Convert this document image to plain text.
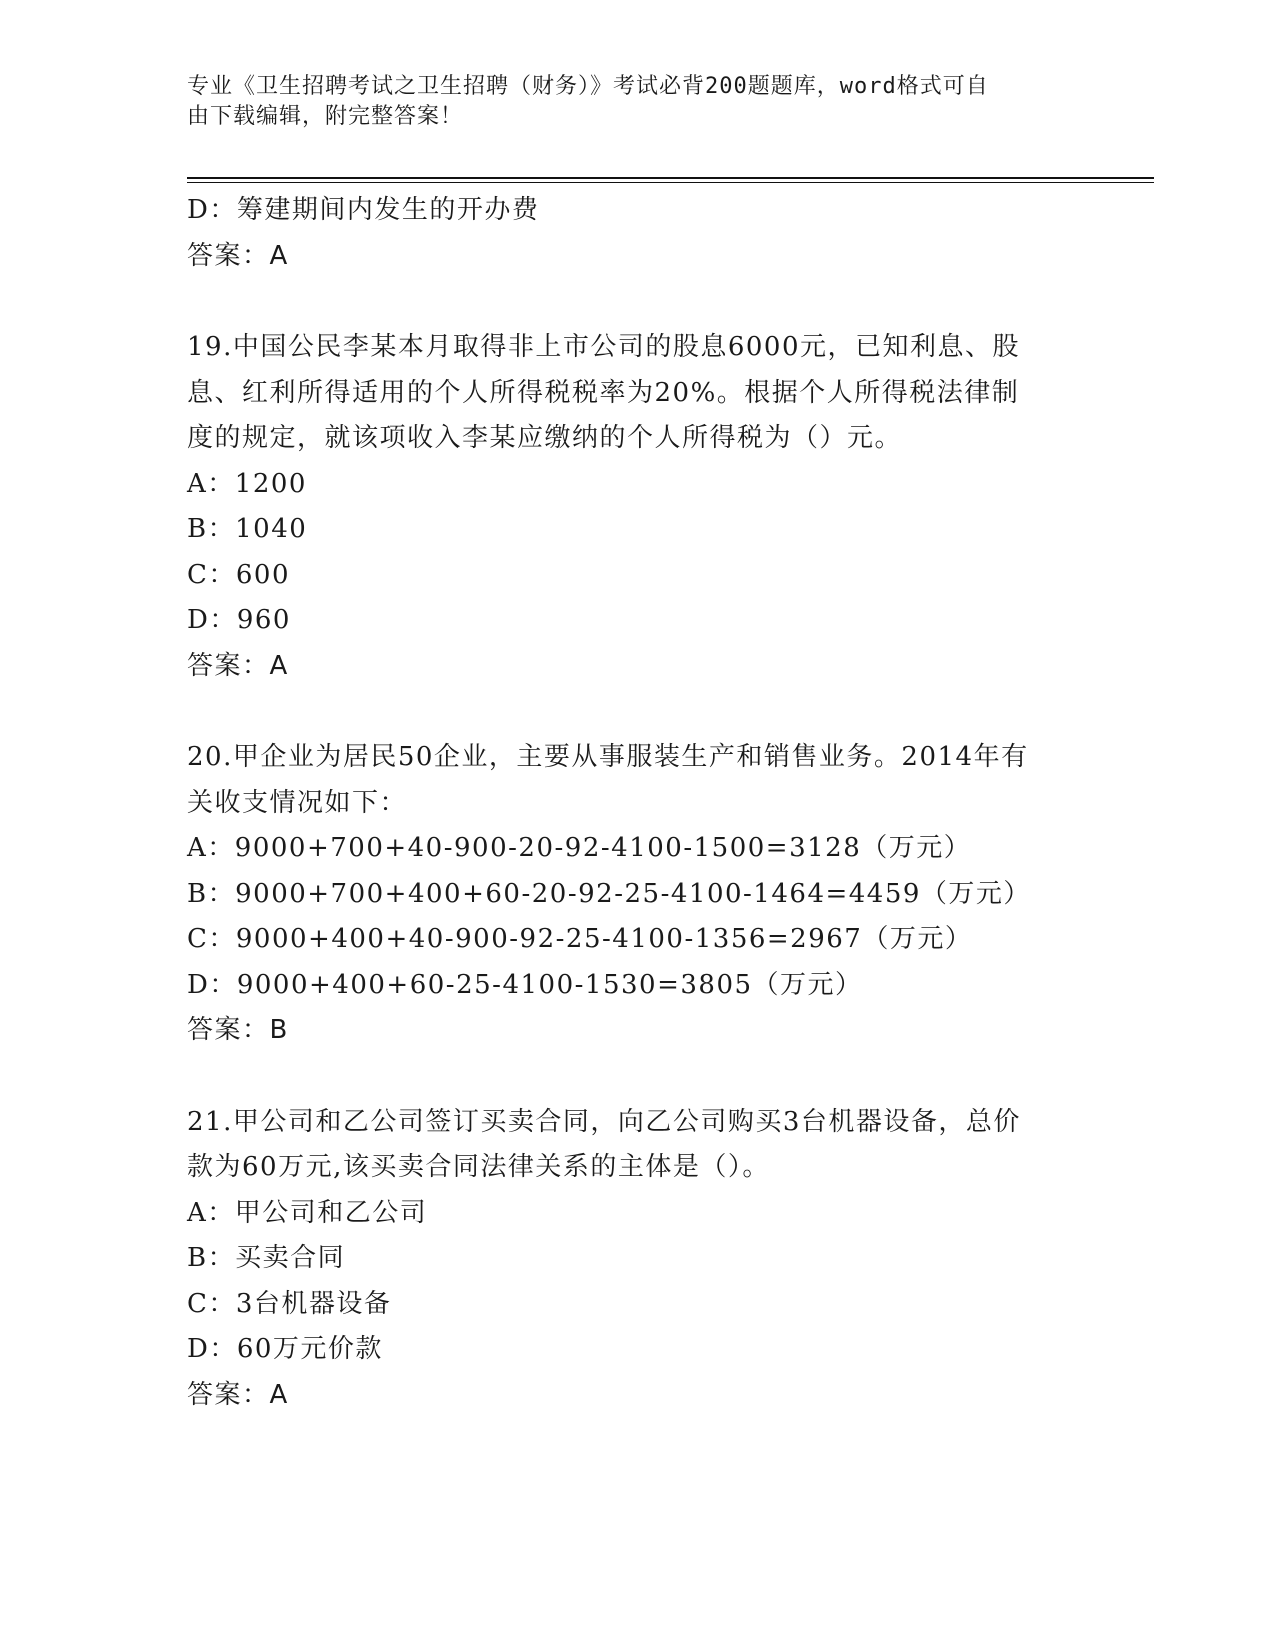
专业《卫生招聘考试之卫生招聘（财务）》考试必背200题题库，word格式可自
由下载编辑，附完整答案！
D：筹建期间内发生的开办费
答案：A
19.中国公民李某本月取得非上市公司的股息6000元，已知利息、股
息、红利所得适用的个人所得税税率为20%。根据个人所得税法律制
度的规定，就该项收入李某应缴纳的个人所得税为（）元。
A：1200
B：1040
C：600
D：960
答案：A
20.甲企业为居民50企业，主要从事服装生产和销售业务。2014年有
关收支情况如下：
A：9000+700+40-900-20-92-4100-1500=3128（万元）
B：9000+700+400+60-20-92-25-4100-1464=4459（万元）
C：9000+400+40-900-92-25-4100-1356=2967（万元）
D：9000+400+60-25-4100-1530=3805（万元）
答案：B
21.甲公司和乙公司签订买卖合同，向乙公司购买3台机器设备，总价
款为60万元,该买卖合同法律关系的主体是（）。
A：甲公司和乙公司
B：买卖合同
C：3台机器设备
D：60万元价款
答案：A
